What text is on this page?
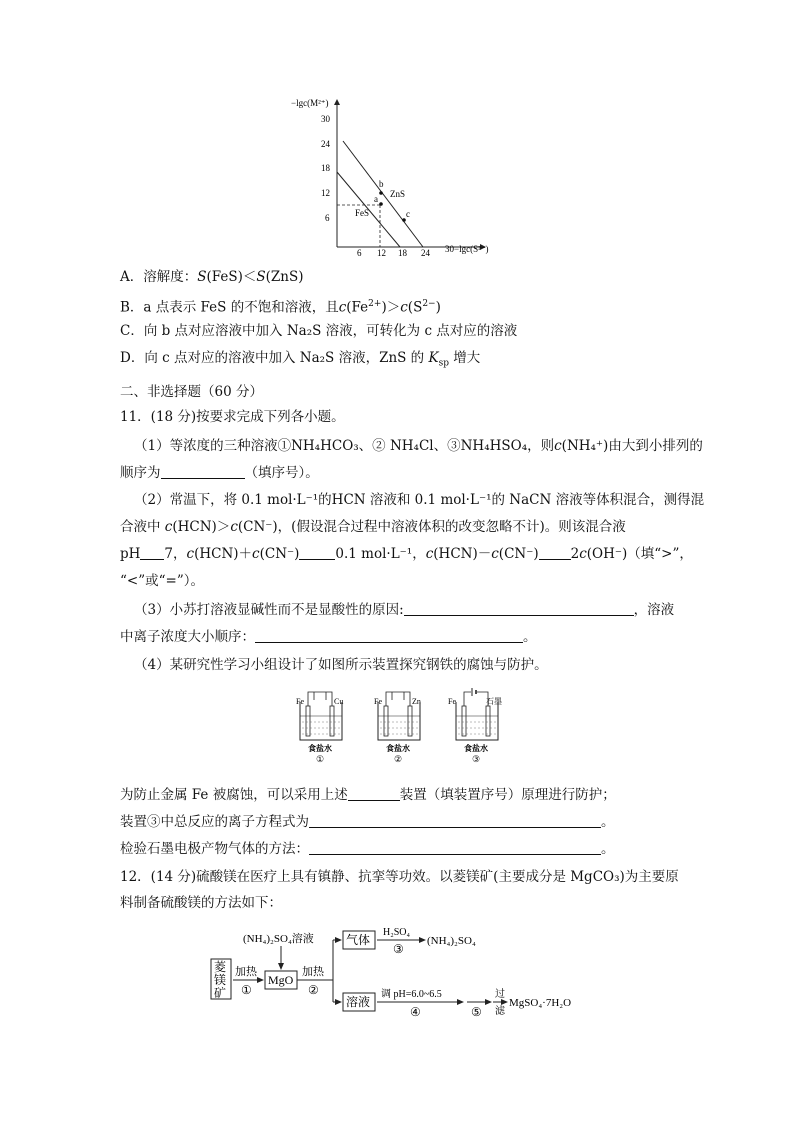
−lgc(M²⁺)
30−lgc(S²⁻)
30
24
18
12
6
6 12 18 24
b
a
c
ZnS
FeS
A．溶解度：S(FeS)＜S(ZnS)
B．a 点表示 FeS 的不饱和溶液，且$c(Fe^{2+})>c(S^{2-})$
C．向 b 点对应溶液中加入 Na₂S 溶液，可转化为 c 点对应的溶液
D．向 c 点对应的溶液中加入 Na₂S 溶液，ZnS 的 $K_{sp}$ 增大
二、非选择题（60 分）
11．(18 分)按要求完成下列各小题。
（1）等浓度的三种溶液①NH₄HCO₃、② NH₄Cl、③NH₄HSO₄，则c(NH₄⁺)由大到小排列的
顺序为	（填序号）。
（2）常温下，将 0.1 mol·L⁻¹的HCN 溶液和 0.1 mol·L⁻¹的 NaCN 溶液等体积混合，测得混
合液中 c(HCN)＞c(CN⁻)，(假设混合过程中溶液体积的改变忽略不计)。则该混合液
pH 7，c(HCN)＋c(CN⁻)	0.1 mol·L⁻¹，c(HCN)－c(CN⁻) 2c(OH⁻)（填“>”，
“<”或“=”）。
（3）小苏打溶液显碱性而不是显酸性的原因:	，溶液
中离子浓度大小顺序：	。
（4）某研究性学习小组设计了如图所示装置探究钢铁的腐蚀与防护。
Fe	Cu
食盐水
①
Fe	Zn
食盐水
②
Fe	石墨
食盐水
③
为防止金属 Fe 被腐蚀，可以采用上述	装置（填装置序号）原理进行防护；
装置③中总反应的离子方程式为	。
检验石墨电极产物气体的方法：	。
12．(14 分)硫酸镁在医疗上具有镇静、抗挛等功效。以菱镁矿(主要成分是 MgCO₃)为主要原
料制备硫酸镁的方法如下：
菱
镁
矿
加热
①
MgO
(NH₄)₂SO₄溶液
加热
②
气体
H₂SO₄
③
(NH₄)₂SO₄
溶液
调 pH=6.0~6.5
④	⑤
过
滤
MgSO₄·7H₂O
